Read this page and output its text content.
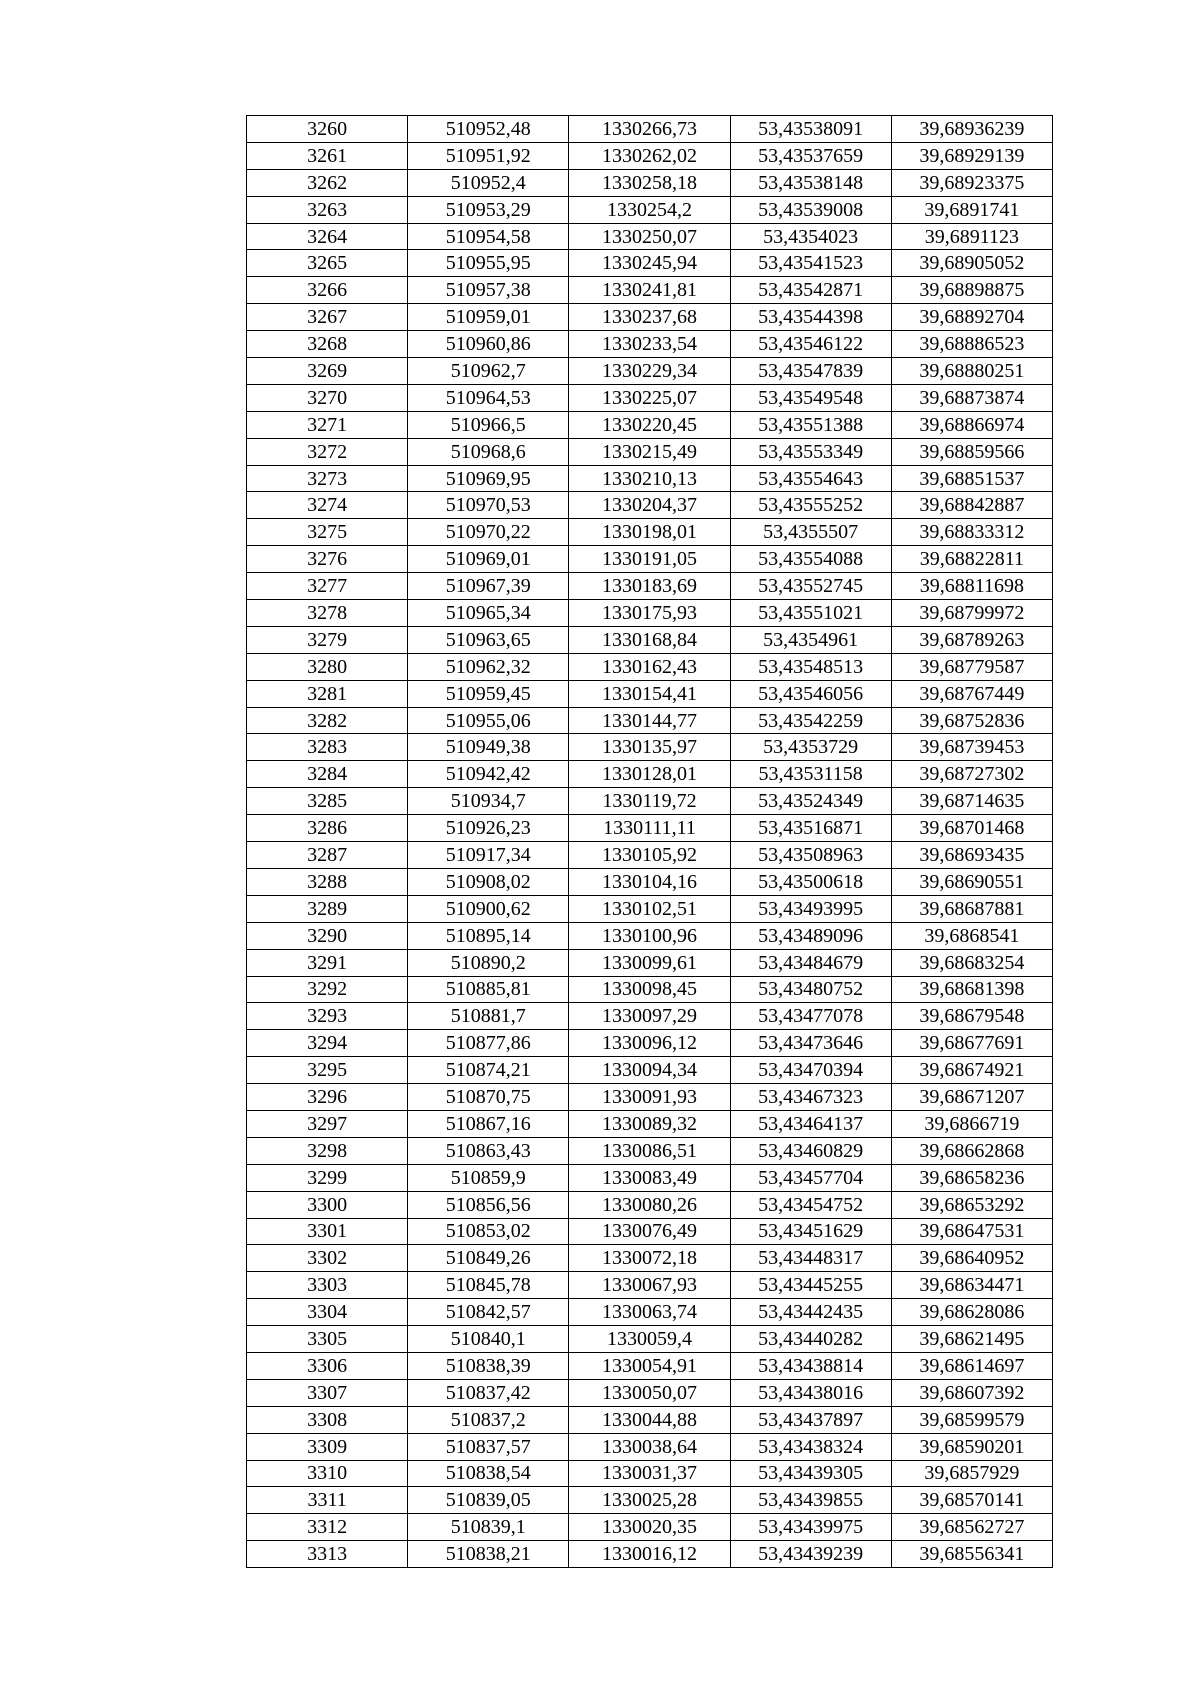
3260	510952,48	1330266,73	53,43538091	39,68936239
3261	510951,92	1330262,02	53,43537659	39,68929139
3262	510952,4	1330258,18	53,43538148	39,68923375
3263	510953,29	1330254,2	53,43539008	39,6891741
3264	510954,58	1330250,07	53,4354023	39,6891123
3265	510955,95	1330245,94	53,43541523	39,68905052
3266	510957,38	1330241,81	53,43542871	39,68898875
3267	510959,01	1330237,68	53,43544398	39,68892704
3268	510960,86	1330233,54	53,43546122	39,68886523
3269	510962,7	1330229,34	53,43547839	39,68880251
3270	510964,53	1330225,07	53,43549548	39,68873874
3271	510966,5	1330220,45	53,43551388	39,68866974
3272	510968,6	1330215,49	53,43553349	39,68859566
3273	510969,95	1330210,13	53,43554643	39,68851537
3274	510970,53	1330204,37	53,43555252	39,68842887
3275	510970,22	1330198,01	53,4355507	39,68833312
3276	510969,01	1330191,05	53,43554088	39,68822811
3277	510967,39	1330183,69	53,43552745	39,68811698
3278	510965,34	1330175,93	53,43551021	39,68799972
3279	510963,65	1330168,84	53,4354961	39,68789263
3280	510962,32	1330162,43	53,43548513	39,68779587
3281	510959,45	1330154,41	53,43546056	39,68767449
3282	510955,06	1330144,77	53,43542259	39,68752836
3283	510949,38	1330135,97	53,4353729	39,68739453
3284	510942,42	1330128,01	53,43531158	39,68727302
3285	510934,7	1330119,72	53,43524349	39,68714635
3286	510926,23	1330111,11	53,43516871	39,68701468
3287	510917,34	1330105,92	53,43508963	39,68693435
3288	510908,02	1330104,16	53,43500618	39,68690551
3289	510900,62	1330102,51	53,43493995	39,68687881
3290	510895,14	1330100,96	53,43489096	39,6868541
3291	510890,2	1330099,61	53,43484679	39,68683254
3292	510885,81	1330098,45	53,43480752	39,68681398
3293	510881,7	1330097,29	53,43477078	39,68679548
3294	510877,86	1330096,12	53,43473646	39,68677691
3295	510874,21	1330094,34	53,43470394	39,68674921
3296	510870,75	1330091,93	53,43467323	39,68671207
3297	510867,16	1330089,32	53,43464137	39,6866719
3298	510863,43	1330086,51	53,43460829	39,68662868
3299	510859,9	1330083,49	53,43457704	39,68658236
3300	510856,56	1330080,26	53,43454752	39,68653292
3301	510853,02	1330076,49	53,43451629	39,68647531
3302	510849,26	1330072,18	53,43448317	39,68640952
3303	510845,78	1330067,93	53,43445255	39,68634471
3304	510842,57	1330063,74	53,43442435	39,68628086
3305	510840,1	1330059,4	53,43440282	39,68621495
3306	510838,39	1330054,91	53,43438814	39,68614697
3307	510837,42	1330050,07	53,43438016	39,68607392
3308	510837,2	1330044,88	53,43437897	39,68599579
3309	510837,57	1330038,64	53,43438324	39,68590201
3310	510838,54	1330031,37	53,43439305	39,6857929
3311	510839,05	1330025,28	53,43439855	39,68570141
3312	510839,1	1330020,35	53,43439975	39,68562727
3313	510838,21	1330016,12	53,43439239	39,68556341
